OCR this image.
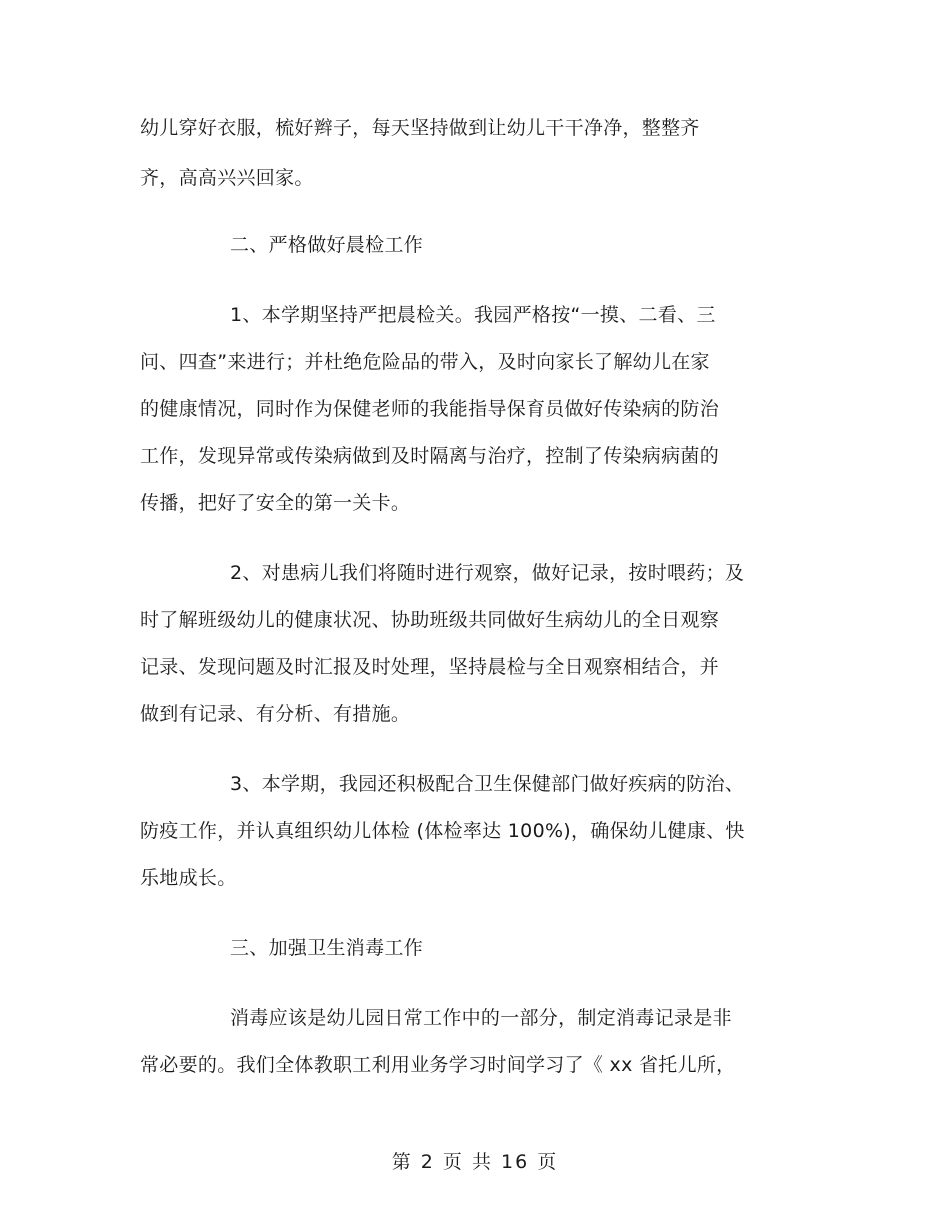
幼儿穿好衣服，梳好辫子，每天坚持做到让幼儿干干净净，整整齐
齐，高高兴兴回家。
二、严格做好晨检工作
1、本学期坚持严把晨检关。我园严格按“一摸、二看、三
问、四查”来进行；并杜绝危险品的带入，及时向家长了解幼儿在家
的健康情况，同时作为保健老师的我能指导保育员做好传染病的防治
工作，发现异常或传染病做到及时隔离与治疗，控制了传染病病菌的
传播，把好了安全的第一关卡。
2、对患病儿我们将随时进行观察，做好记录，按时喂药；及
时了解班级幼儿的健康状况、协助班级共同做好生病幼儿的全日观察
记录、发现问题及时汇报及时处理，坚持晨检与全日观察相结合，并
做到有记录、有分析、有措施。
3、本学期，我园还积极配合卫生保健部门做好疾病的防治、
防疫工作，并认真组织幼儿体检 (体检率达 100%)，确保幼儿健康、快
乐地成长。
三、加强卫生消毒工作
消毒应该是幼儿园日常工作中的一部分，制定消毒记录是非
常必要的。我们全体教职工利用业务学习时间学习了《 xx 省托儿所，
第 2 页 共 16 页
